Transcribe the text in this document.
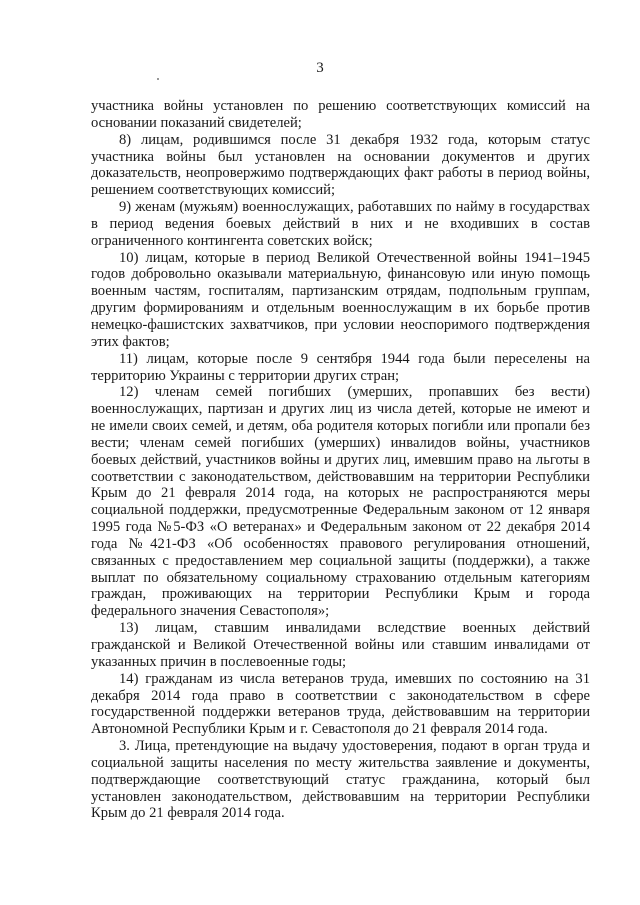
3

участника войны установлен по решению соответствующих комиссий на основании показаний свидетелей;

8) лицам, родившимся после 31 декабря 1932 года, которым статус участника войны был установлен на основании документов и других доказательств, неопровержимо подтверждающих факт работы в период войны, решением соответствующих комиссий;

9) женам (мужьям) военнослужащих, работавших по найму в государствах в период ведения боевых действий в них и не входивших в состав ограниченного контингента советских войск;

10) лицам, которые в период Великой Отечественной войны 1941–1945 годов добровольно оказывали материальную, финансовую или иную помощь военным частям, госпиталям, партизанским отрядам, подпольным группам, другим формированиям и отдельным военнослужащим в их борьбе против немецко-фашистских захватчиков, при условии неоспоримого подтверждения этих фактов;

11) лицам, которые после 9 сентября 1944 года были переселены на территорию Украины с территории других стран;

12) членам семей погибших (умерших, пропавших без вести) военнослужащих, партизан и других лиц из числа детей, которые не имеют и не имели своих семей, и детям, оба родителя которых погибли или пропали без вести; членам семей погибших (умерших) инвалидов войны, участников боевых действий, участников войны и других лиц, имевшим право на льготы в соответствии с законодательством, действовавшим на территории Республики Крым до 21 февраля 2014 года, на которых не распространяются меры социальной поддержки, предусмотренные Федеральным законом от 12 января 1995 года №5-ФЗ «О ветеранах» и Федеральным законом от 22 декабря 2014 года №421-ФЗ «Об особенностях правового регулирования отношений, связанных с предоставлением мер социальной защиты (поддержки), а также выплат по обязательному социальному страхованию отдельным категориям граждан, проживающих на территории Республики Крым и города федерального значения Севастополя»;

13) лицам, ставшим инвалидами вследствие военных действий гражданской и Великой Отечественной войны или ставшим инвалидами от указанных причин в послевоенные годы;

14) гражданам из числа ветеранов труда, имевших по состоянию на 31 декабря 2014 года право в соответствии с законодательством в сфере государственной поддержки ветеранов труда, действовавшим на территории Автономной Республики Крым и г. Севастополя до 21 февраля 2014 года.

3. Лица, претендующие на выдачу удостоверения, подают в орган труда и социальной защиты населения по месту жительства заявление и документы, подтверждающие соответствующий статус гражданина, который был установлен законодательством, действовавшим на территории Республики Крым до 21 февраля 2014 года.
